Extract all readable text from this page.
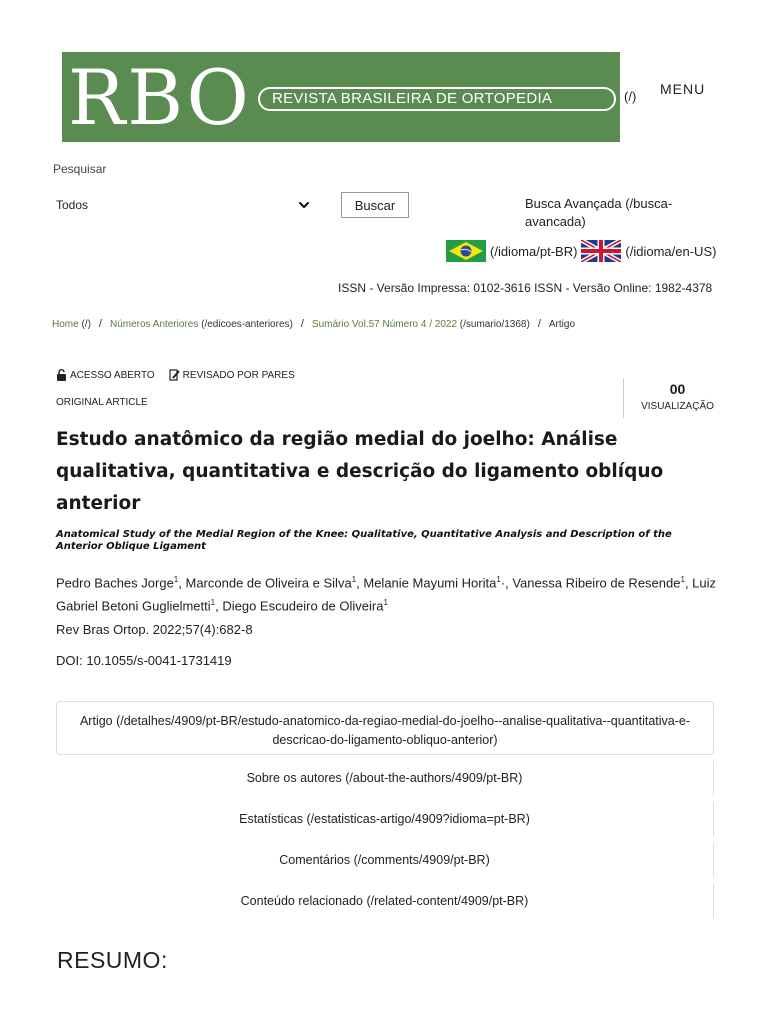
RBO	REVISTA BRASILEIRA DE ORTOPEDIA	(/) MENU
Pesquisar
Todos	Buscar	Busca Avançada (/busca-avancada)
(/idioma/pt-BR)	(/idioma/en-US)
ISSN - Versão Impressa: 0102-3616 ISSN - Versão Online: 1982-4378
Home (/) / Números Anteriores (/edicoes-anteriores) / Sumário Vol.57 Número 4 / 2022 (/sumario/1368) / Artigo
ACESSO ABERTO	REVISADO POR PARES
ORIGINAL ARTICLE
00
VISUALIZAÇÃO
Estudo anatômico da região medial do joelho: Análise qualitativa, quantitativa e descrição do ligamento oblíquo anterior
Anatomical Study of the Medial Region of the Knee: Qualitative, Quantitative Analysis and Description of the Anterior Oblique Ligament
Pedro Baches Jorge$^1$, Marconde de Oliveira e Silva$^1$, Melanie Mayumi Horita$^1$·, Vanessa Ribeiro de Resende$^1$, Luiz Gabriel Betoni Guglielmetti$^1$, Diego Escudeiro de Oliveira$^1$
Rev Bras Ortop. 2022;57(4):682-8
DOI: 10.1055/s-0041-1731419
Artigo (/detalhes/4909/pt-BR/estudo-anatomico-da-regiao-medial-do-joelho--analise-qualitativa--quantitativa-e-descricao-do-ligamento-obliquo-anterior)
Sobre os autores (/about-the-authors/4909/pt-BR)
Estatísticas (/estatisticas-artigo/4909?idioma=pt-BR)
Comentários (/comments/4909/pt-BR)
Conteúdo relacionado (/related-content/4909/pt-BR)
RESUMO:
